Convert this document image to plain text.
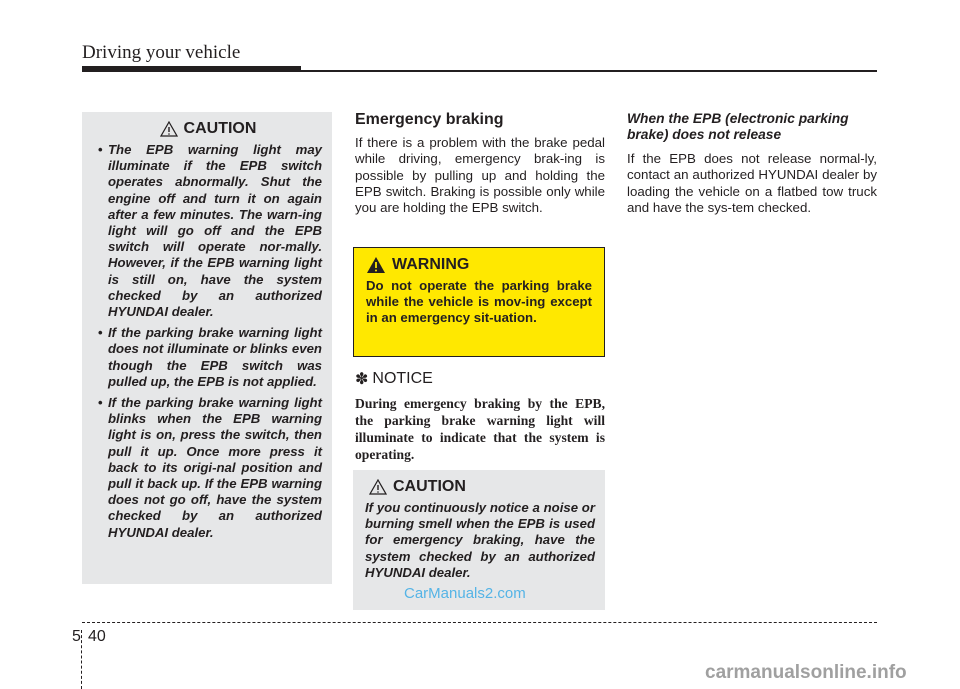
Driving your vehicle
CAUTION
• The EPB warning light may illuminate if the EPB switch operates abnormally. Shut the engine off and turn it on again after a few minutes. The warn-ing light will go off and the EPB switch will operate nor-mally. However, if the EPB warning light is still on, have the system checked by an authorized HYUNDAI dealer.
• If the parking brake warning light does not illuminate or blinks even though the EPB switch was pulled up, the EPB is not applied.
• If the parking brake warning light blinks when the EPB warning light is on, press the switch, then pull it up. Once more press it back to its origi-nal position and pull it back up. If the EPB warning does not go off, have the system checked by an authorized HYUNDAI dealer.
Emergency braking
If there is a problem with the brake pedal while driving, emergency brak-ing is possible by pulling up and holding the EPB switch. Braking is possible only while you are holding the EPB switch.
WARNING
Do not operate the parking brake while the vehicle is mov-ing except in an emergency sit-uation.
✽ NOTICE
During emergency braking by the EPB, the parking brake warning light will illuminate to indicate that the system is operating.
CAUTION
If you continuously notice a noise or burning smell when the EPB is used for emergency braking, have the system checked by an authorized HYUNDAI dealer.
CarManuals2.com
When the EPB (electronic parking brake) does not release
If the EPB does not release normal-ly, contact an authorized HYUNDAI dealer by loading the vehicle on a flatbed tow truck and have the sys-tem checked.
5 40
carmanualsonline.info
